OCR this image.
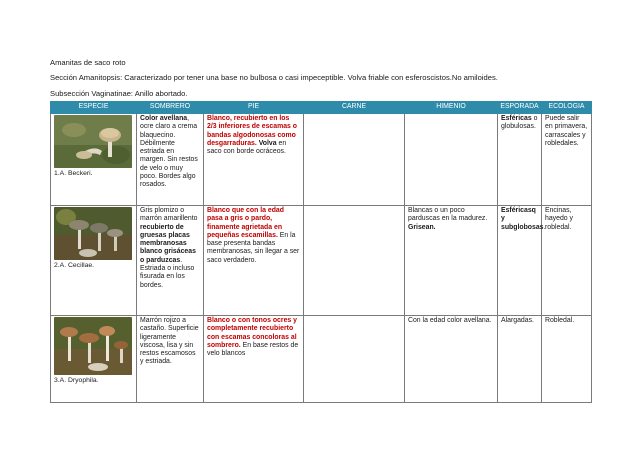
Amanitas de saco roto
Sección Amanitopsis: Caracterizado por tener una base no bulbosa o casi impeceptible. Volva friable con esferoscistos.No amiloides.
Subsección Vaginatinae: Anillo abortado.
ESPECIE	SOMBRERO	PIE	CARNE	HIMENIO	ESPORADA	ECOLOGIA

1.A. Beckeri.	Color avellana, ocre claro a crema blaquecino. Débilmente estriada en margen. Sin restos de velo o muy poco. Bordes algo rosados.	Blanco, recubierto en los 2/3 inferiores de escamas o bandas algodonosas como desgarraduras. Volva en saco con borde ocráceos.			Esféricas o globulosas.	Puede salir en primavera, carrascales y robledales.

2.A. Cecillae.	Gris plomizo o marrón amarillento recubierto de gruesas placas membranosas blanco grisáceas o parduzcas. Estriada o incluso fisurada en los bordes.	Blanco que con la edad pasa a gris o pardo, finamente agrietada en pequeñas escamillas. En la base presenta bandas membranosas, sin llegar a ser saco verdadero.		Blancas o un poco parduscas en la madurez. Grisean.	Esféricasq y subglobosas.	Encinas, hayedo y robledal.

3.A. Dryophila.	Marrón rojizo a castaño. Superficie ligeramente viscosa, lisa y sin restos escamosos y estriada.	Blanco o con tonos ocres y completamente recubierto con escamas concoloras al sombrero. En base restos de velo blancos		Con la edad color avellana.	Alargadas.	Robledal.
